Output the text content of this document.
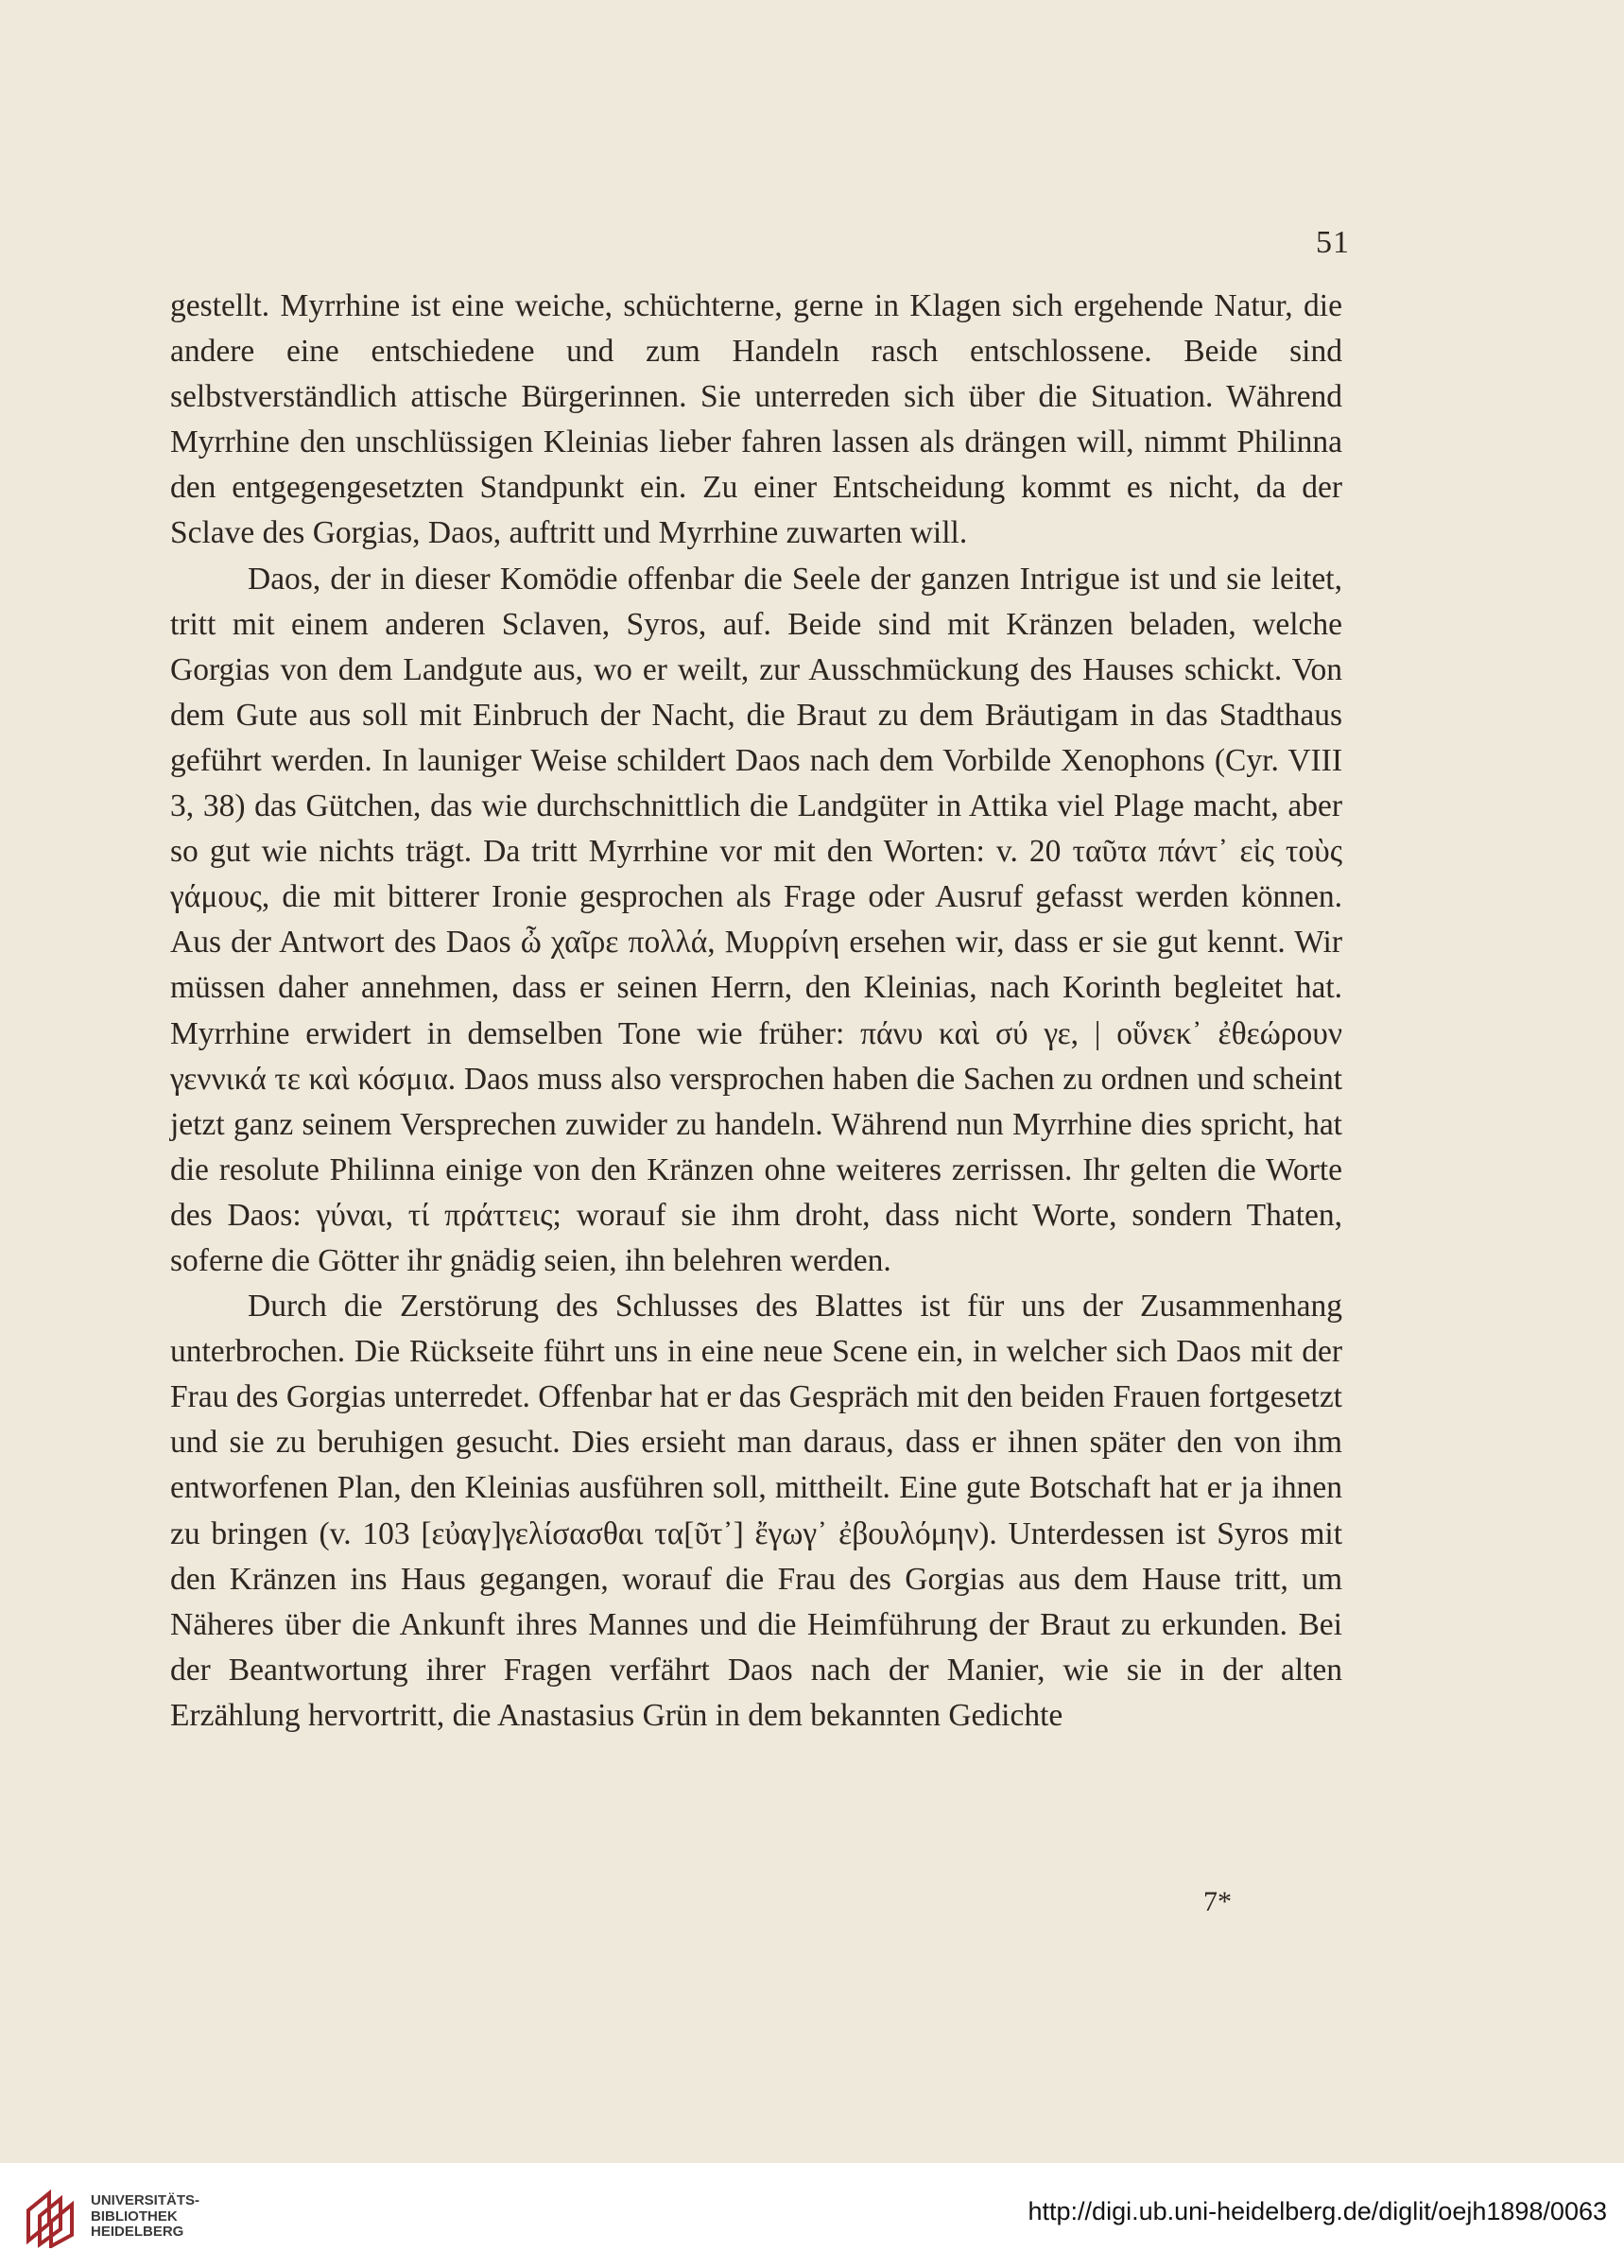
51

gestellt. Myrrhine ist eine weiche, schüchterne, gerne in Klagen sich ergehende Natur, die andere eine entschiedene und zum Handeln rasch entschlossene. Beide sind selbstverständlich attische Bürgerinnen. Sie unterreden sich über die Situation. Während Myrrhine den unschlüssigen Kleinias lieber fahren lassen als drängen will, nimmt Philinna den entgegengesetzten Standpunkt ein. Zu einer Entscheidung kommt es nicht, da der Sclave des Gorgias, Daos, auftritt und Myrrhine zuwarten will.

Daos, der in dieser Komödie offenbar die Seele der ganzen Intrigue ist und sie leitet, tritt mit einem anderen Sclaven, Syros, auf. Beide sind mit Kränzen beladen, welche Gorgias von dem Landgute aus, wo er weilt, zur Ausschmückung des Hauses schickt. Von dem Gute aus soll mit Einbruch der Nacht, die Braut zu dem Bräutigam in das Stadthaus geführt werden. In launiger Weise schildert Daos nach dem Vorbilde Xenophons (Cyr. VIII 3, 38) das Gütchen, das wie durchschnittlich die Landgüter in Attika viel Plage macht, aber so gut wie nichts trägt. Da tritt Myrrhine vor mit den Worten: v. 20 ταῦτα πάντ᾽ εἰς τοὺς γάμους, die mit bitterer Ironie gesprochen als Frage oder Ausruf gefasst werden können. Aus der Antwort des Daos ὦ χαῖρε πολλά, Μυρρίνη ersehen wir, dass er sie gut kennt. Wir müssen daher annehmen, dass er seinen Herrn, den Kleinias, nach Korinth begleitet hat. Myrrhine erwidert in demselben Tone wie früher: πάνυ καὶ σύ γε, | οὕνεκ᾽ ἐθεώρουν γεννικά τε καὶ κόσμια. Daos muss also versprochen haben die Sachen zu ordnen und scheint jetzt ganz seinem Versprechen zuwider zu handeln. Während nun Myrrhine dies spricht, hat die resolute Philinna einige von den Kränzen ohne weiteres zerrissen. Ihr gelten die Worte des Daos: γύναι, τί πράττεις; worauf sie ihm droht, dass nicht Worte, sondern Thaten, soferne die Götter ihr gnädig seien, ihn belehren werden.

Durch die Zerstörung des Schlusses des Blattes ist für uns der Zusammenhang unterbrochen. Die Rückseite führt uns in eine neue Scene ein, in welcher sich Daos mit der Frau des Gorgias unterredet. Offenbar hat er das Gespräch mit den beiden Frauen fortgesetzt und sie zu beruhigen gesucht. Dies ersieht man daraus, dass er ihnen später den von ihm entworfenen Plan, den Kleinias ausführen soll, mittheilt. Eine gute Botschaft hat er ja ihnen zu bringen (v. 103 [εὐαγ]γελίσασθαι τα[ῦτ᾽] ἔγωγ᾽ ἐβουλόμην). Unterdessen ist Syros mit den Kränzen ins Haus gegangen, worauf die Frau des Gorgias aus dem Hause tritt, um Näheres über die Ankunft ihres Mannes und die Heimführung der Braut zu erkunden. Bei der Beantwortung ihrer Fragen verfährt Daos nach der Manier, wie sie in der alten Erzählung hervortritt, die Anastasius Grün in dem bekannten Gedichte

7*
UNIVERSITÄTS-
BIBLIOTHEK
HEIDELBERG
http://digi.ub.uni-heidelberg.de/diglit/oejh1898/0063
